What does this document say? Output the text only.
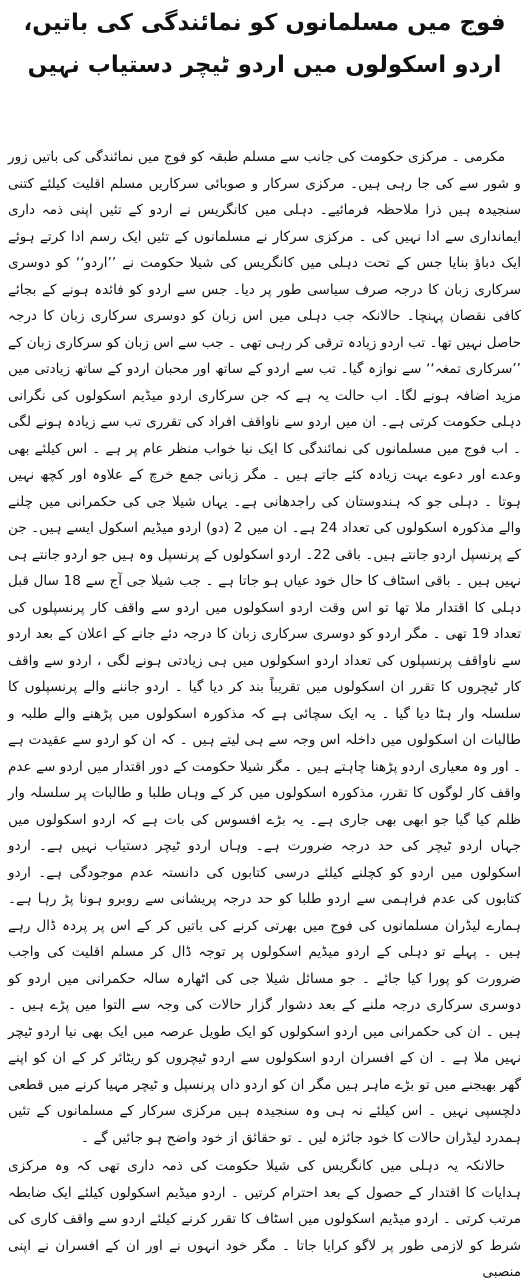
فوج میں مسلمانوں کو نمائندگی کی باتیں،
اردو اسکولوں میں اردو ٹیچر دستیاب نہیں

مکرمی ۔ مرکزی حکومت کی جانب سے مسلم طبقہ کو فوج میں نمائندگی کی باتیں زور و شور سے کی جا رہی ہیں۔ مرکزی سرکار و صوبائی سرکاریں مسلم اقلیت کیلئے کتنی سنجیدہ ہیں ذرا ملاحظہ فرمائیے۔ دہلی میں کانگریس نے اردو کے تئیں اپنی ذمہ داری ایمانداری سے ادا نہیں کی ۔ مرکزی سرکار نے مسلمانوں کے تئیں ایک رسم ادا کرتے ہوئے ایک دباؤ بنایا جس کے تحت دہلی میں کانگریس کی شیلا حکومت نے ’’اردو‘‘ کو دوسری سرکاری زبان کا درجہ صرف سیاسی طور پر دیا۔ جس سے اردو کو فائدہ ہونے کے بجائے کافی نقصان پہنچا۔ حالانکہ جب دہلی میں اس زبان کو دوسری سرکاری زبان کا درجہ حاصل نہیں تھا۔ تب اردو زیادہ ترقی کر رہی تھی ۔ جب سے اس زبان کو سرکاری زبان کے ’’سرکاری تمغہ‘‘ سے نوازہ گیا۔ تب سے اردو کے ساتھ اور محبان اردو کے ساتھ زیادتی میں مزید اضافہ ہونے لگا۔ اب حالت یہ ہے کہ جن سرکاری اردو میڈیم اسکولوں کی نگرانی دہلی حکومت کرتی ہے۔ ان میں اردو سے ناواقف افراد کی تقرری تب سے زیادہ ہونے لگی ۔ اب فوج میں مسلمانوں کی نمائندگی کا ایک نیا خواب منظر عام پر ہے ۔ اس کیلئے بھی وعدے اور دعوے بہت زیادہ کئے جاتے ہیں ۔ مگر زبانی جمع خرچ کے علاوہ اور کچھ نہیں ہوتا ۔ دہلی جو کہ ہندوستان کی راجدھانی ہے۔ یہاں شیلا جی کی حکمرانی میں چلنے والے مذکورہ اسکولوں کی تعداد 24 ہے۔ ان میں 2 (دو) اردو میڈیم اسکول ایسے ہیں۔ جن کے پرنسپل اردو جانتے ہیں۔ باقی 22۔ اردو اسکولوں کے پرنسپل وہ ہیں جو اردو جانتے ہی نہیں ہیں ۔ باقی اسٹاف کا حال خود عیاں ہو جاتا ہے ۔ جب شیلا جی آج سے 18 سال قبل دہلی کا اقتدار ملا تھا تو اس وقت اردو اسکولوں میں اردو سے واقف کار پرنسپلوں کی تعداد 19 تھی ۔ مگر اردو کو دوسری سرکاری زبان کا درجہ دئے جانے کے اعلان کے بعد اردو سے ناواقف پرنسپلوں کی تعداد اردو اسکولوں میں ہی زیادتی ہونے لگی ، اردو سے واقف کار ٹیچروں کا تقرر ان اسکولوں میں تقریباً بند کر دیا گیا ۔ اردو جاننے والے پرنسپلوں کا سلسلہ وار ہٹا دیا گیا ۔ یہ ایک سچائی ہے کہ مذکورہ اسکولوں میں پڑھنے والے طلبہ و طالبات ان اسکولوں میں داخلہ اس وجہ سے ہی لیتے ہیں ۔ کہ ان کو اردو سے عقیدت ہے ۔ اور وہ معیاری اردو پڑھنا چاہتے ہیں ۔ مگر شیلا حکومت کے دور اقتدار میں اردو سے عدم واقف کار لوگوں کا تقرر، مذکورہ اسکولوں میں کر کے وہاں طلبا و طالبات پر سلسلہ وار ظلم کیا گیا جو ابھی بھی جاری ہے۔ یہ بڑے افسوس کی بات ہے کہ اردو اسکولوں میں جہاں اردو ٹیچر کی حد درجہ ضرورت ہے۔ وہاں اردو ٹیچر دستیاب نہیں ہے۔ اردو اسکولوں میں اردو کو کچلنے کیلئے درسی کتابوں کی دانستہ عدم موجودگی ہے۔ اردو کتابوں کی عدم فراہمی سے اردو طلبا کو حد درجہ پریشانی سے روبرو ہونا پڑ رہا ہے۔ ہمارے لیڈران مسلمانوں کی فوج میں بھرتی کرنے کی باتیں کر کے اس پر پردہ ڈال رہے ہیں ۔ پہلے تو دہلی کے اردو میڈیم اسکولوں پر توجہ ڈال کر مسلم اقلیت کی واجب ضرورت کو پورا کیا جائے ۔ جو مسائل شیلا جی کی اٹھارہ سالہ حکمرانی میں اردو کو دوسری سرکاری درجہ ملنے کے بعد دشوار گزار حالات کی وجہ سے التوا میں پڑے ہیں ۔ ہیں ۔ ان کی حکمرانی میں اردو اسکولوں کو ایک طویل عرصہ میں ایک بھی نیا اردو ٹیچر نہیں ملا ہے ۔ ان کے افسران اردو اسکولوں سے اردو ٹیچروں کو ریٹائر کر کے ان کو اپنے گھر بھیجنے میں تو بڑے ماہر ہیں مگر ان کو اردو داں پرنسپل و ٹیچر مہیا کرنے میں قطعی دلچسپی نہیں ۔ اس کیلئے نہ ہی وہ سنجیدہ ہیں مرکزی سرکار کے مسلمانوں کے تئیں ہمدرد لیڈران حالات کا خود جائزہ لیں ۔ تو حقائق از خود واضح ہو جائیں گے ۔

حالانکہ یہ دہلی میں کانگریس کی شیلا حکومت کی ذمہ داری تھی کہ وہ مرکزی ہدایات کا اقتدار کے حصول کے بعد احترام کرتیں ۔ اردو میڈیم اسکولوں کیلئے ایک ضابطہ مرتب کرتی ۔ اردو میڈیم اسکولوں میں اسٹاف کا تقرر کرنے کیلئے اردو سے واقف کاری کی شرط کو لازمی طور پر لاگو کرایا جاتا ۔ مگر خود انہوں نے اور ان کے افسران نے اپنی منصبی
